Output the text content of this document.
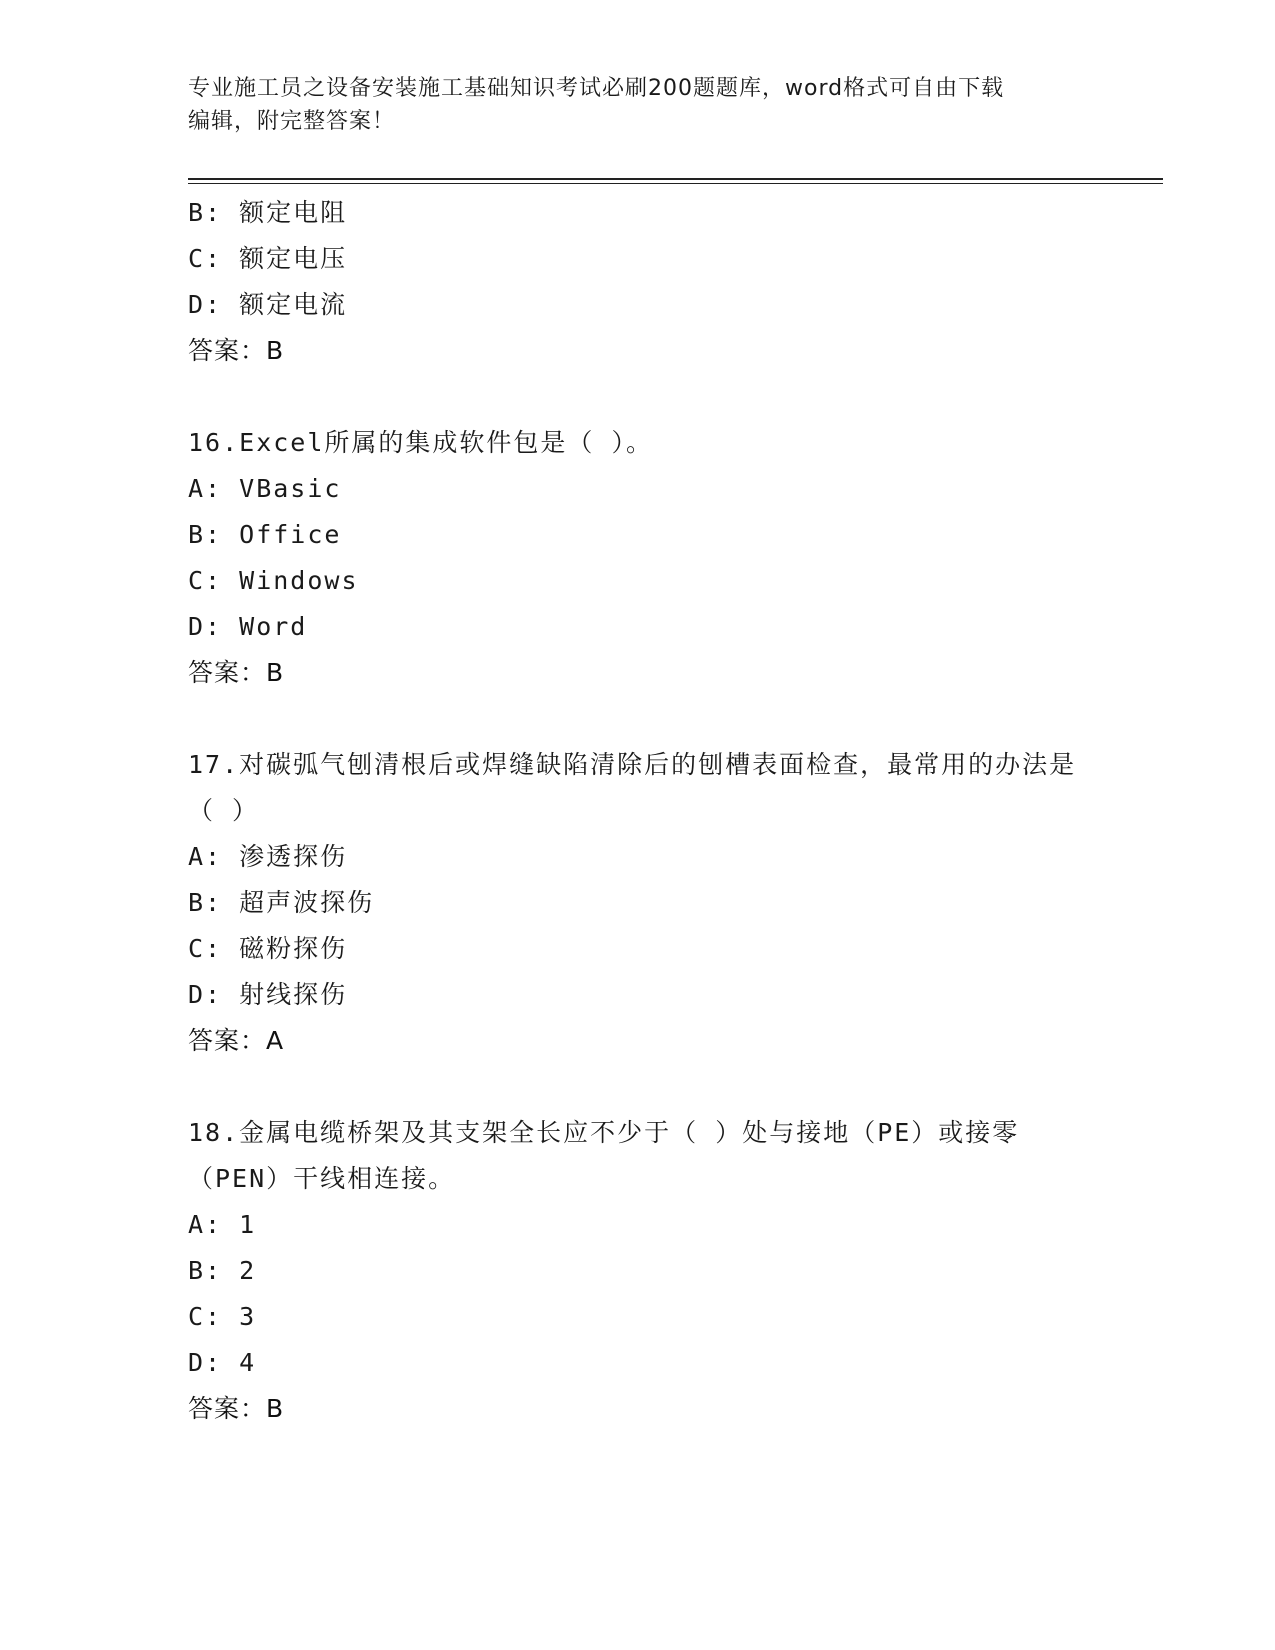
专业施工员之设备安装施工基础知识考试必刷200题题库，word格式可自由下载
编辑，附完整答案！
B: 额定电阻
C: 额定电压
D: 额定电流
答案：B
16.Excel所属的集成软件包是（ ）。
A: VBasic
B: Office
C: Windows
D: Word
答案：B
17.对碳弧气刨清根后或焊缝缺陷清除后的刨槽表面检查，最常用的办法是（ ）
A: 渗透探伤
B: 超声波探伤
C: 磁粉探伤
D: 射线探伤
答案：A
18.金属电缆桥架及其支架全长应不少于（ ）处与接地（PE）或接零（PEN）干线相连接。
A: 1
B: 2
C: 3
D: 4
答案：B
